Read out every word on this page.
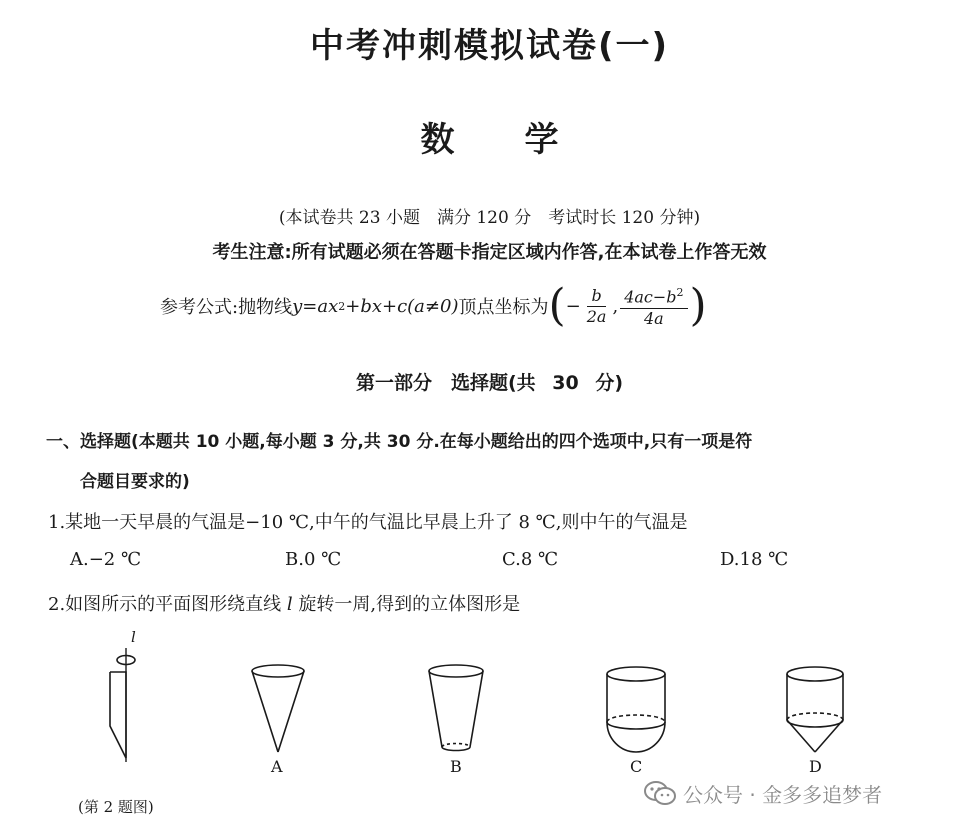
中考冲刺模拟试卷(一)
数学
(本试卷共 23 小题　满分 120 分　考试时长 120 分钟)
考生注意:所有试题必须在答题卡指定区域内作答,在本试卷上作答无效
参考公式:抛物线 y = ax 2 +bx+c(a≠0) 顶点坐标为 ( − $\frac{b}{2a}$ , $\frac{4ac-b^2}{4a}$ )
第一部分　选择题(共 30 分)
一、选择题(本题共 10 小题,每小题 3 分,共 30 分.在每小题给出的四个选项中,只有一项是符
合题目要求的)
1.某地一天早晨的气温是−10 ℃,中午的气温比早晨上升了 8 ℃,则中午的气温是
A.−2 ℃	B.0 ℃	C.8 ℃	D.18 ℃
2.如图所示的平面图形绕直线 l 旋转一周,得到的立体图形是
l
A	B	C	D
(第 2 题图)
公众号 · 金多多追梦者
